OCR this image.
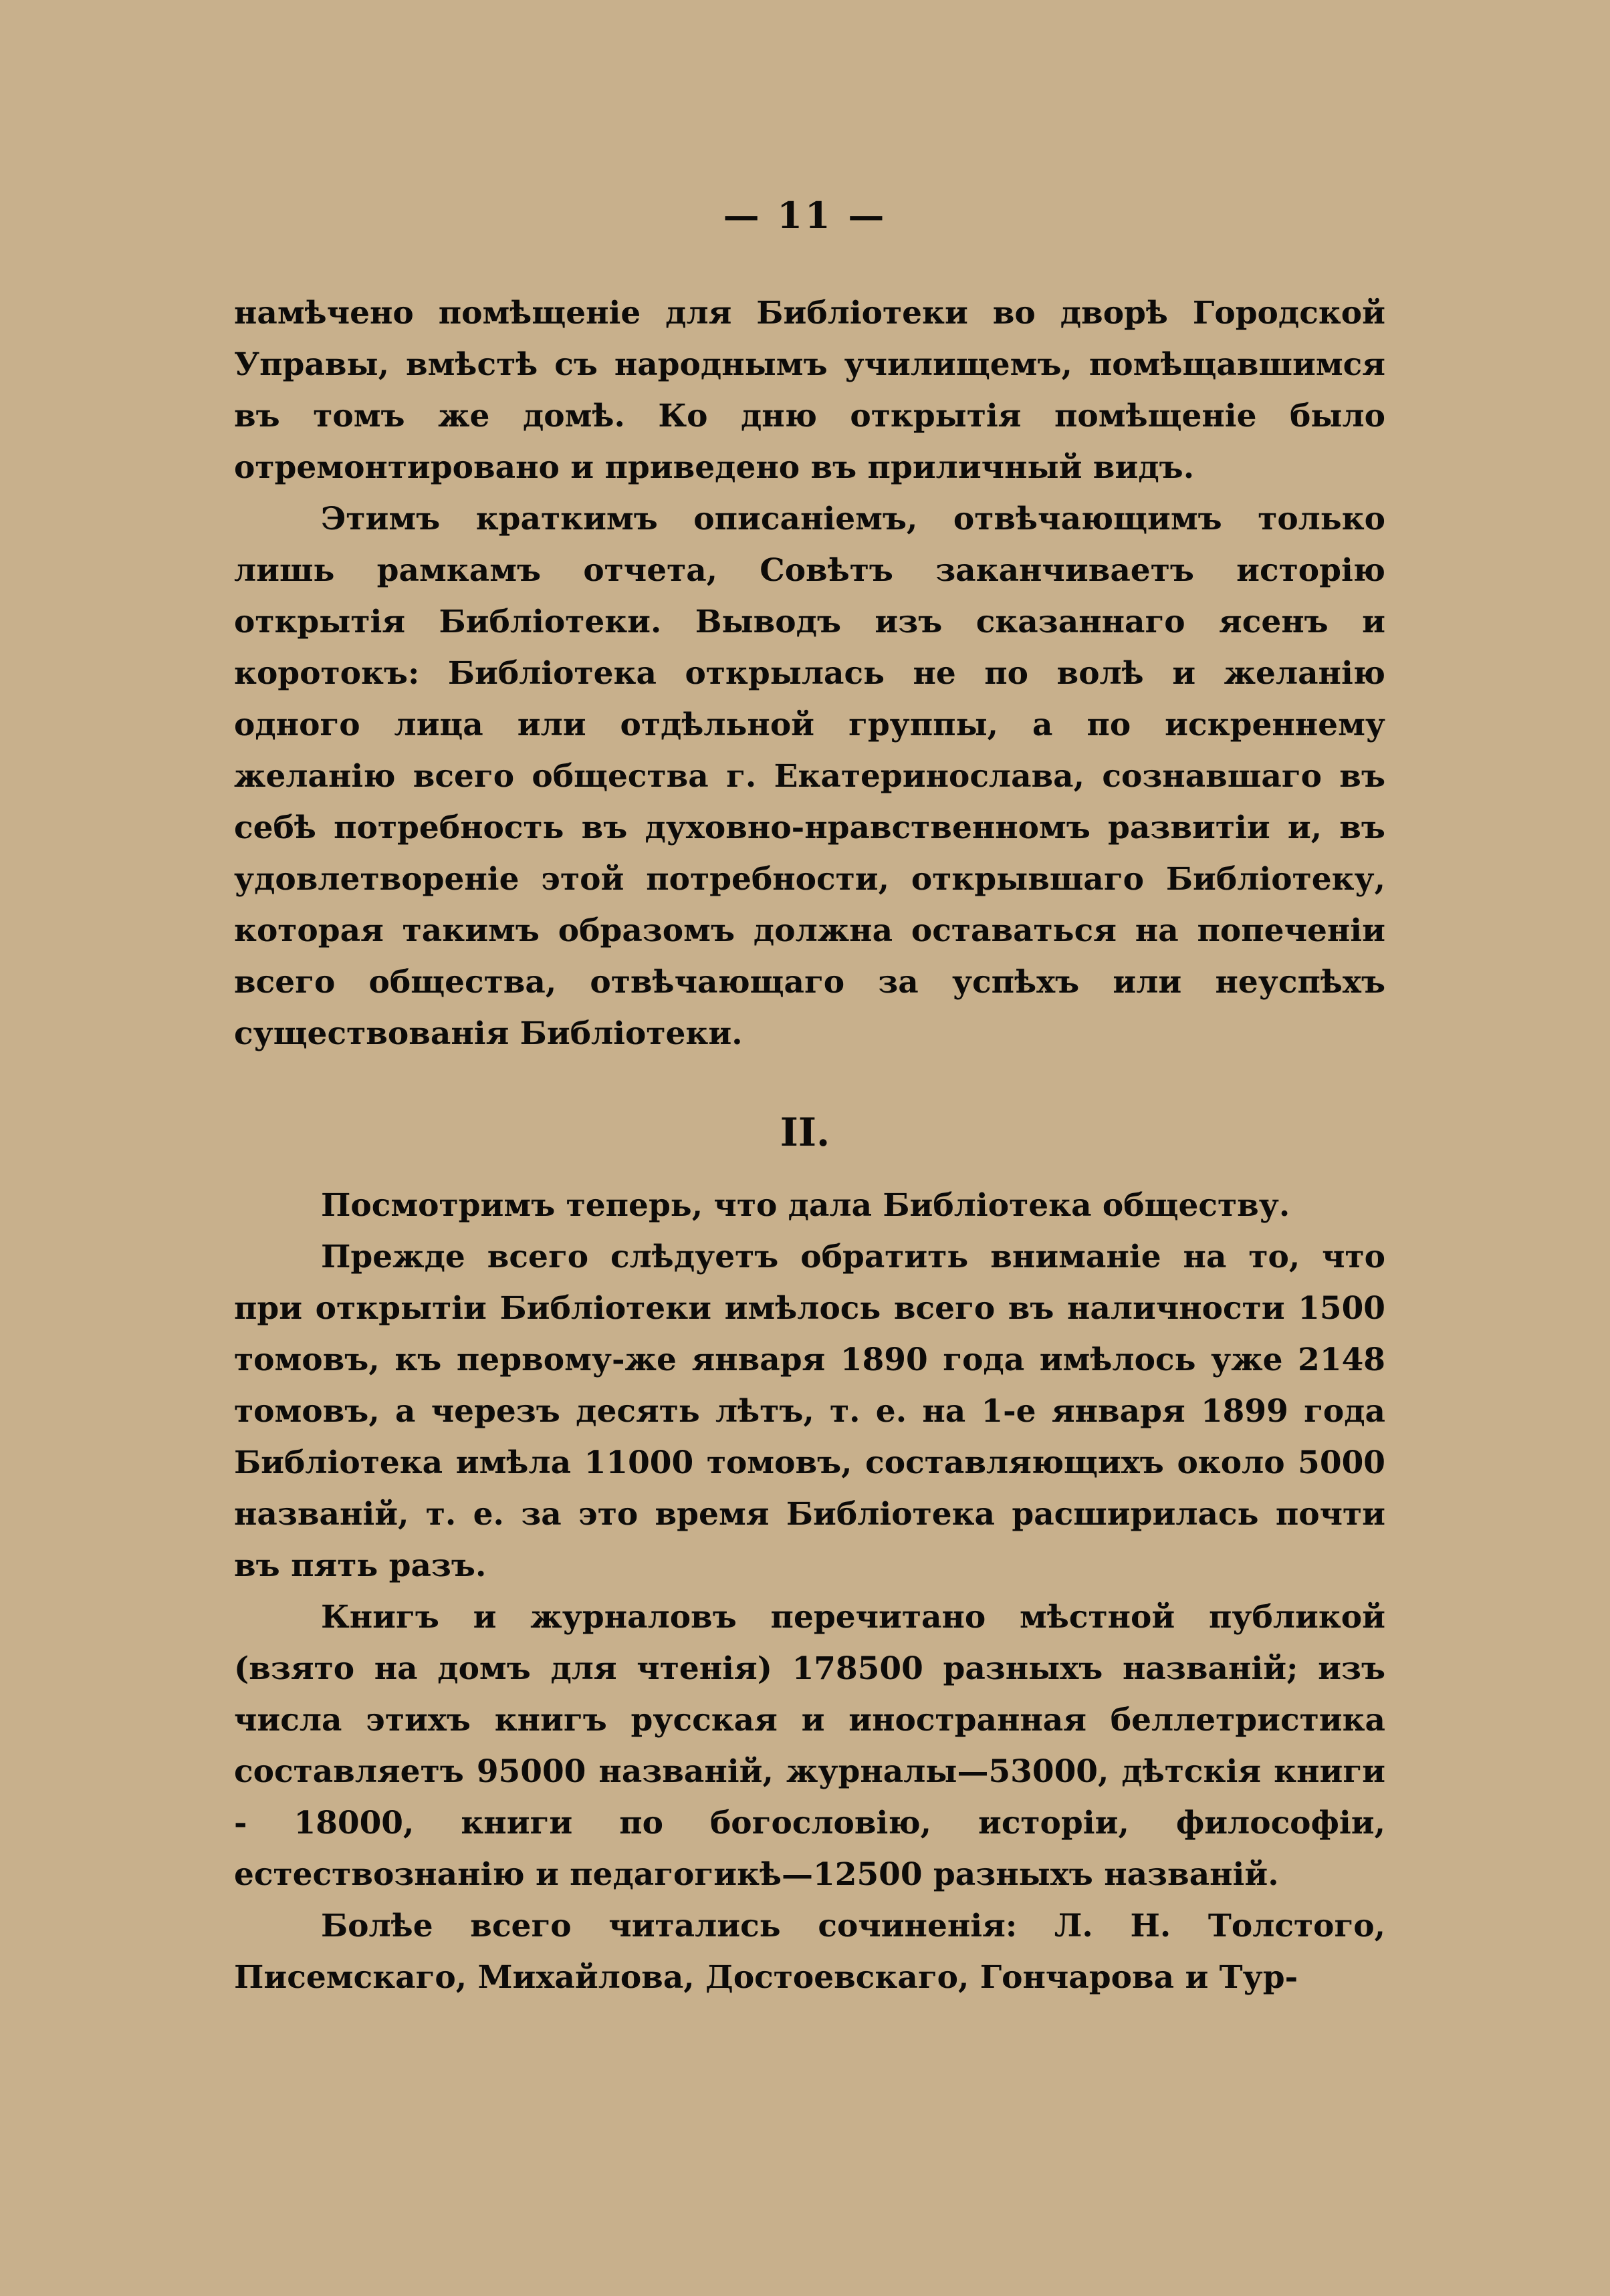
— 11 —

намѣчено помѣщеніе для Библіотеки во дворѣ Городской Управы, вмѣстѣ съ народнымъ училищемъ, помѣщавшимся въ томъ же домѣ. Ко дню открытія помѣщеніе было отремонтировано и приведено въ приличный видъ.

Этимъ краткимъ описаніемъ, отвѣчающимъ только лишь рамкамъ отчета, Совѣтъ заканчиваетъ исторію открытія Библіотеки. Выводъ изъ сказаннаго ясенъ и коротокъ: Библіотека открылась не по волѣ и желанію одного лица или отдѣльной группы, а по искреннему желанію всего общества г. Екатеринослава, сознавшаго въ себѣ потребность въ духовно-нравственномъ развитіи и, въ удовлетвореніе этой потребности, открывшаго Библіотеку, которая такимъ образомъ должна оставаться на попеченіи всего общества, отвѣчающаго за успѣхъ или неуспѣхъ существованія Библіотеки.

II.

Посмотримъ теперь, что дала Библіотека обществу.

Прежде всего слѣдуетъ обратить вниманіе на то, что при открытіи Библіотеки имѣлось всего въ наличности 1500 томовъ, къ первому-же января 1890 года имѣлось уже 2148 томовъ, а черезъ десять лѣтъ, т. е. на 1-е января 1899 года Библіотека имѣла 11000 томовъ, составляющихъ около 5000 названій, т. е. за это время Библіотека расширилась почти въ пять разъ.

Книгъ и журналовъ перечитано мѣстной публикой (взято на домъ для чтенія) 178500 разныхъ названій; изъ числа этихъ книгъ русская и иностранная беллетристика составляетъ 95000 названій, журналы—53000, дѣтскія книги - 18000, книги по богословію, исторіи, философіи, естествознанію и педагогикѣ—12500 разныхъ названій.

Болѣе всего читались сочиненія: Л. Н. Толстого, Писемскаго, Михайлова, Достоевскаго, Гончарова и Тур-
